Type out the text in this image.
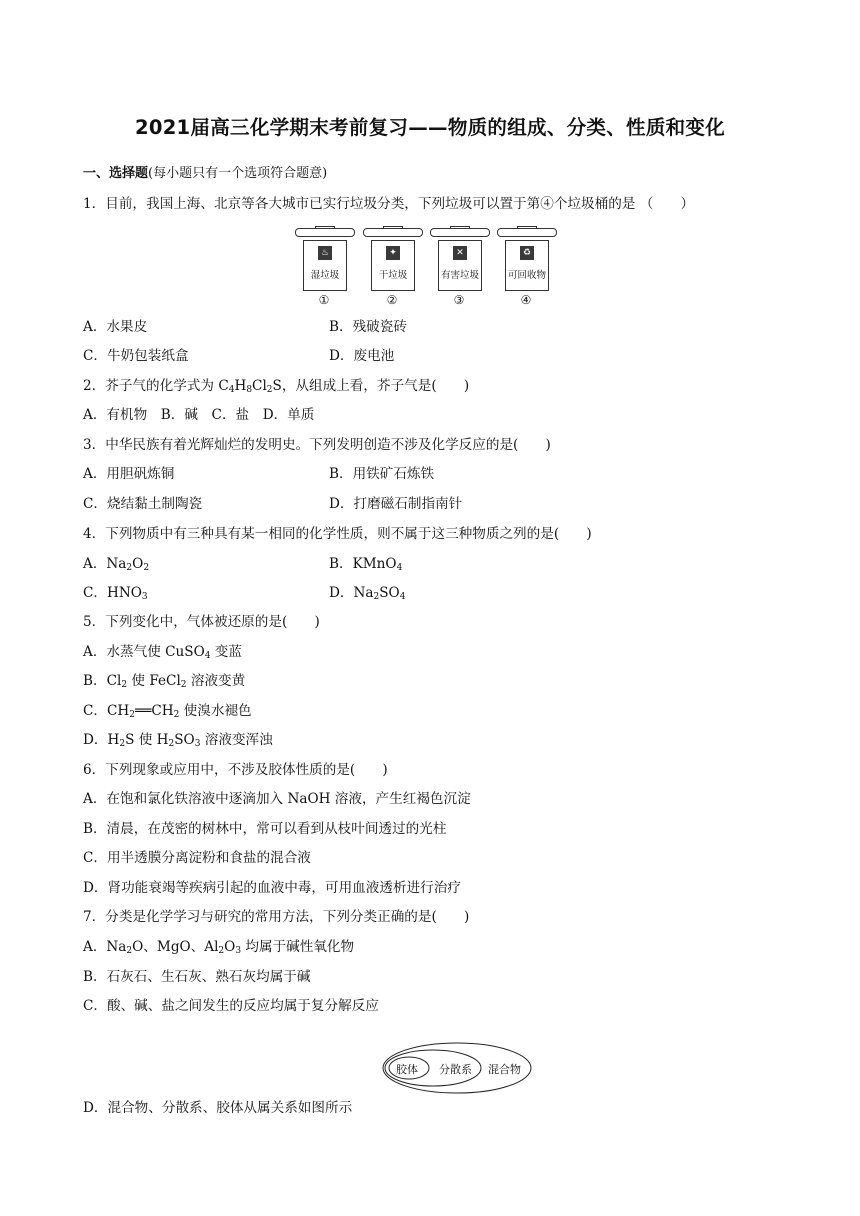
2021届高三化学期末考前复习——物质的组成、分类、性质和变化
一、选择题(每小题只有一个选项符合题意)
1．目前，我国上海、北京等各大城市已实行垃圾分类，下列垃圾可以置于第④个垃圾桶的是 （　　）
♨
湿垃圾
①
✦
干垃圾
②
✕
有害垃圾
③
♻
可回收物
④
A．水果皮	B．残破瓷砖
C．牛奶包装纸盒	D．废电池
2．芥子气的化学式为 $C_4H_8Cl_2S$，从组成上看，芥子气是(　　)
A．有机物　B．碱　C．盐　D．单质
3．中华民族有着光辉灿烂的发明史。下列发明创造不涉及化学反应的是(　　)
A．用胆矾炼铜	B．用铁矿石炼铁
C．烧结黏土制陶瓷	D．打磨磁石制指南针
4．下列物质中有三种具有某一相同的化学性质，则不属于这三种物质之列的是(　　)
A．$Na_2O_2$	B．KMnO$_4$
C．$HNO_3$	D．$Na_2SO_4$
5．下列变化中，气体被还原的是(　　)
A．水蒸气使 CuSO$_4$ 变蓝
B．$Cl_2$ 使 FeCl$_2$ 溶液变黄
C．$CH_2══CH_2$ 使溴水褪色
D．$H_2S$ 使 $H_2SO_3$ 溶液变浑浊
6．下列现象或应用中，不涉及胶体性质的是(　　)
A．在饱和氯化铁溶液中逐滴加入 NaOH 溶液，产生红褐色沉淀
B．清晨，在茂密的树林中，常可以看到从枝叶间透过的光柱
C．用半透膜分离淀粉和食盐的混合液
D．肾功能衰竭等疾病引起的血液中毒，可用血液透析进行治疗
7．分类是化学学习与研究的常用方法，下列分类正确的是(　　)
A．$Na_2O$、MgO、$Al_2O_3$ 均属于碱性氧化物
B．石灰石、生石灰、熟石灰均属于碱
C．酸、碱、盐之间发生的反应均属于复分解反应
胶体 分散系 混合物
D．混合物、分散系、胶体从属关系如图所示
